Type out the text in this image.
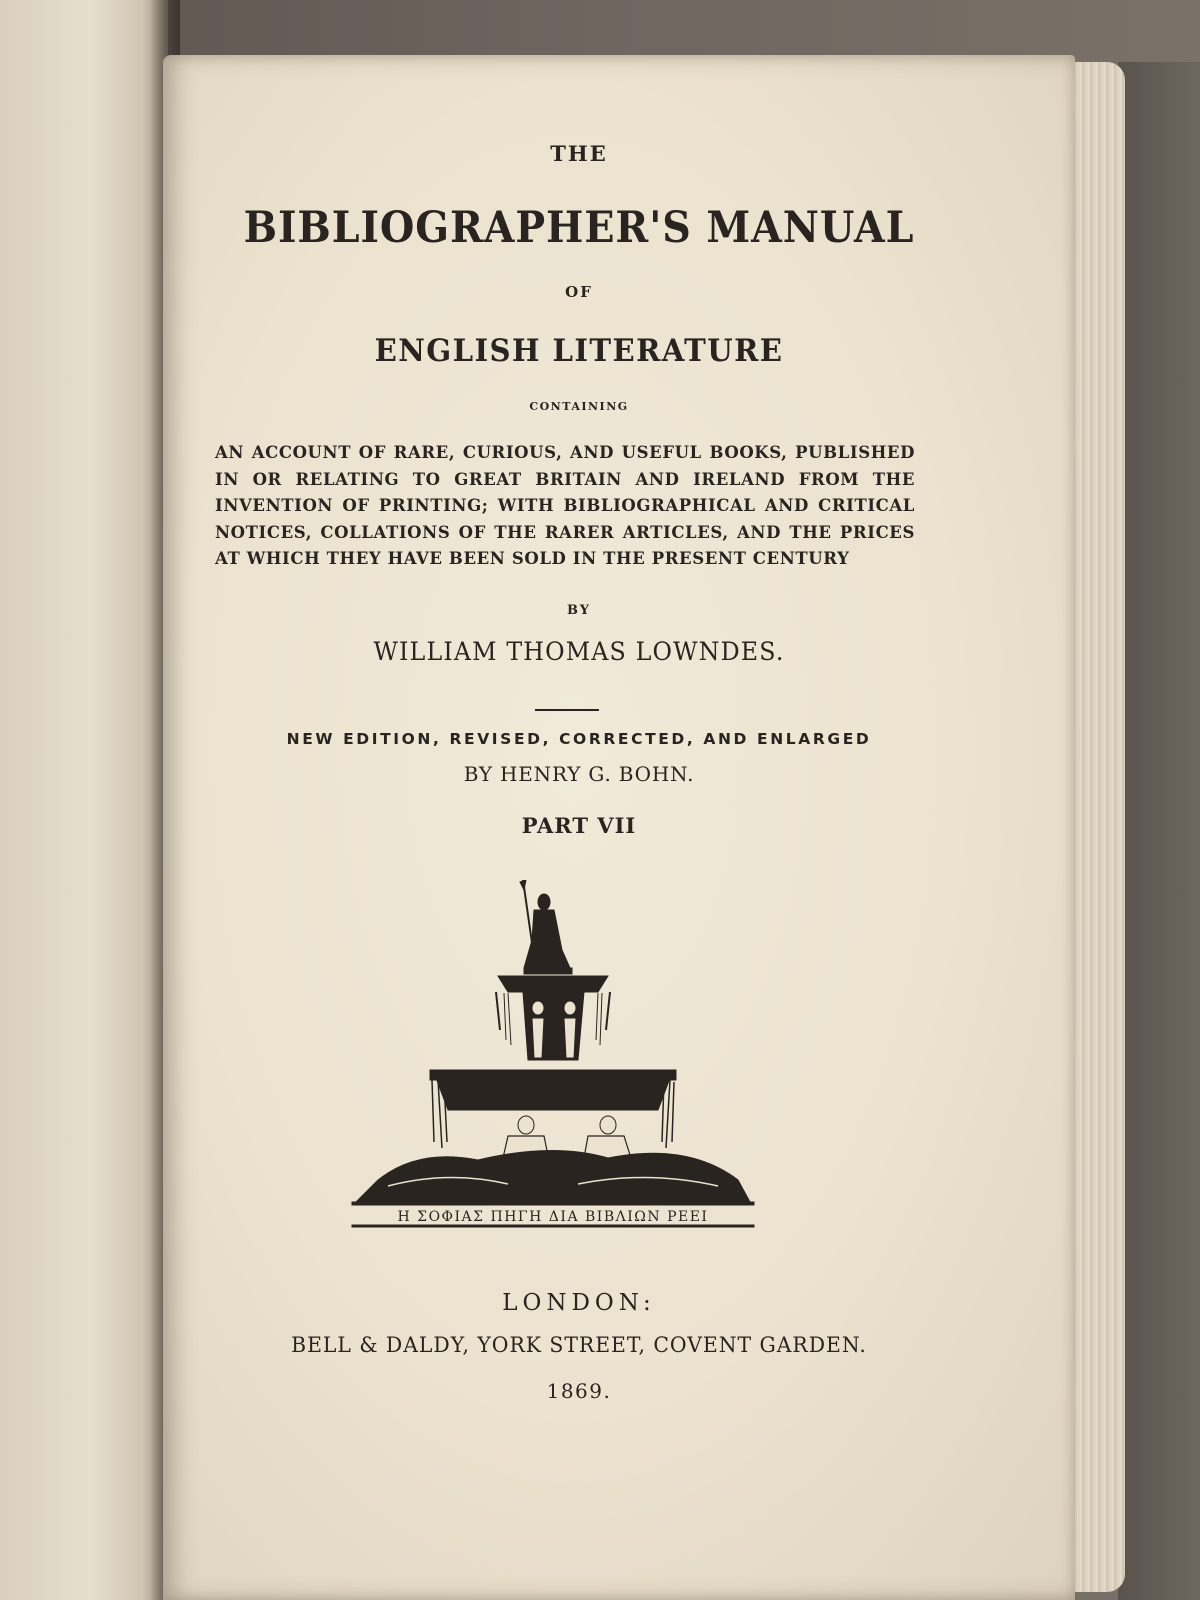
THE

BIBLIOGRAPHER'S MANUAL

OF

ENGLISH LITERATURE

CONTAINING

AN ACCOUNT OF RARE, CURIOUS, AND USEFUL BOOKS, PUBLISHED IN OR RELATING TO GREAT BRITAIN AND IRELAND FROM THE INVENTION OF PRINTING; WITH BIBLIOGRAPHICAL AND CRITICAL NOTICES, COLLATIONS OF THE RARER ARTICLES, AND THE PRICES AT WHICH THEY HAVE BEEN SOLD IN THE PRESENT CENTURY

BY

WILLIAM THOMAS LOWNDES.

NEW EDITION, REVISED, CORRECTED, AND ENLARGED

BY HENRY G. BOHN.

PART VII

Η ΣΟΦΙΑΣ ΠΗΓΗ ΔΙΑ ΒΙΒΛΙΩΝ ΡΕΕΙ

LONDON:

BELL & DALDY, YORK STREET, COVENT GARDEN.

1869.
